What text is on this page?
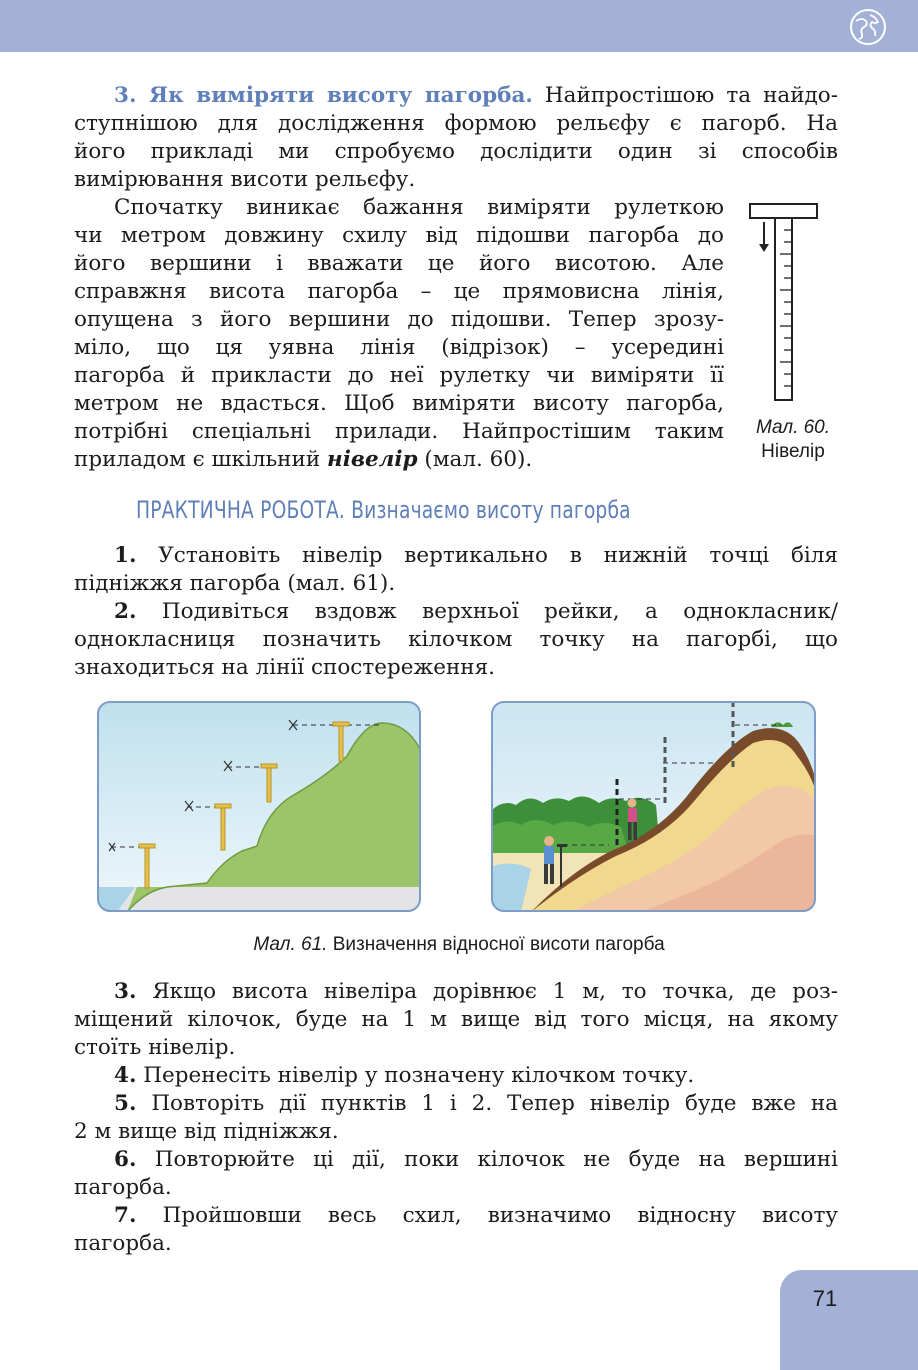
3. Як виміряти висоту пагорба. Найпростішою та найдо-
ступнішою для дослідження формою рельєфу є пагорб. На
його прикладі ми спробуємо дослідити один зі способів
вимірювання висоти рельєфу.
Спочатку виникає бажання виміряти рулеткою
чи метром довжину схилу від підошви пагорба до
його вершини і вважати це його висотою. Але
справжня висота пагорба – це прямовисна лінія,
опущена з його вершини до підошви. Тепер зрозу-
міло, що ця уявна лінія (відрізок) – усередині
пагорба й прикласти до неї рулетку чи виміряти її
метром не вдасться. Щоб виміряти висоту пагорба,
потрібні спеціальні прилади. Найпростішим таким
приладом є шкільний нівелір (мал. 60).
Мал. 60.
Нівелір
ПРАКТИЧНА РОБОТА. Визначаємо висоту пагорба
1. Установіть нівелір вертикально в нижній точці біля
підніжжя пагорба (мал. 61).
2. Подивіться вздовж верхньої рейки, а однокласник/
однокласниця позначить кілочком точку на пагорбі, що
знаходиться на лінії спостереження.
Мал. 61. Визначення відносної висоти пагорба
3. Якщо висота нівеліра дорівнює 1 м, то точка, де роз-
міщений кілочок, буде на 1 м вище від того місця, на якому
стоїть нівелір.
4. Перенесіть нівелір у позначену кілочком точку.
5. Повторіть дії пунктів 1 і 2. Тепер нівелір буде вже на
2 м вище від підніжжя.
6. Повторюйте ці дії, поки кілочок не буде на вершині
пагорба.
7. Пройшовши весь схил, визначимо відносну висоту
пагорба.
71
